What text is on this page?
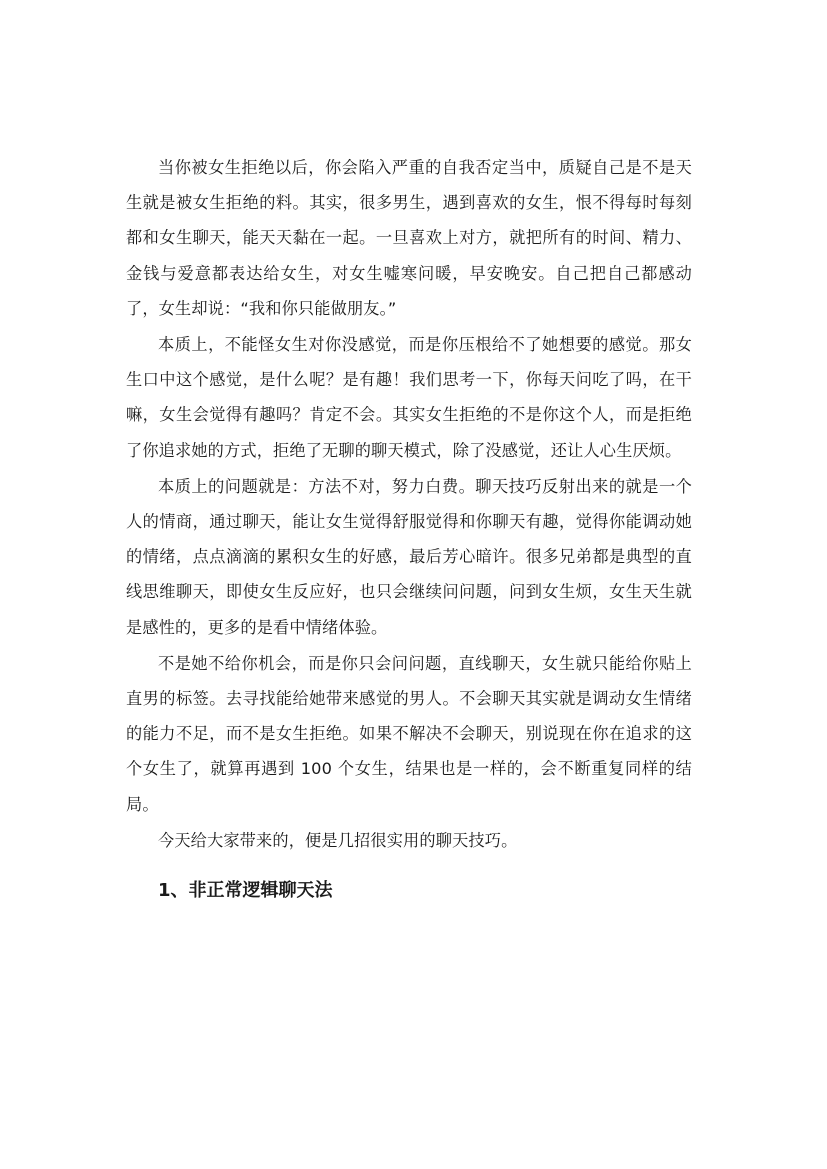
当你被女生拒绝以后，你会陷入严重的自我否定当中，质疑自己是不是天生就是被女生拒绝的料。其实，很多男生，遇到喜欢的女生，恨不得每时每刻都和女生聊天，能天天黏在一起。一旦喜欢上对方，就把所有的时间、精力、金钱与爱意都表达给女生，对女生嘘寒问暖，早安晚安。自己把自己都感动了，女生却说：“我和你只能做朋友。”

本质上，不能怪女生对你没感觉，而是你压根给不了她想要的感觉。那女生口中这个感觉，是什么呢？是有趣！我们思考一下，你每天问吃了吗，在干嘛，女生会觉得有趣吗？肯定不会。其实女生拒绝的不是你这个人，而是拒绝了你追求她的方式，拒绝了无聊的聊天模式，除了没感觉，还让人心生厌烦。

本质上的问题就是：方法不对，努力白费。聊天技巧反射出来的就是一个人的情商，通过聊天，能让女生觉得舒服觉得和你聊天有趣，觉得你能调动她的情绪，点点滴滴的累积女生的好感，最后芳心暗许。很多兄弟都是典型的直线思维聊天，即使女生反应好，也只会继续问问题，问到女生烦，女生天生就是感性的，更多的是看中情绪体验。

不是她不给你机会，而是你只会问问题，直线聊天，女生就只能给你贴上直男的标签。去寻找能给她带来感觉的男人。不会聊天其实就是调动女生情绪的能力不足，而不是女生拒绝。如果不解决不会聊天，别说现在你在追求的这个女生了，就算再遇到 100 个女生，结果也是一样的，会不断重复同样的结局。

今天给大家带来的，便是几招很实用的聊天技巧。

1、非正常逻辑聊天法
